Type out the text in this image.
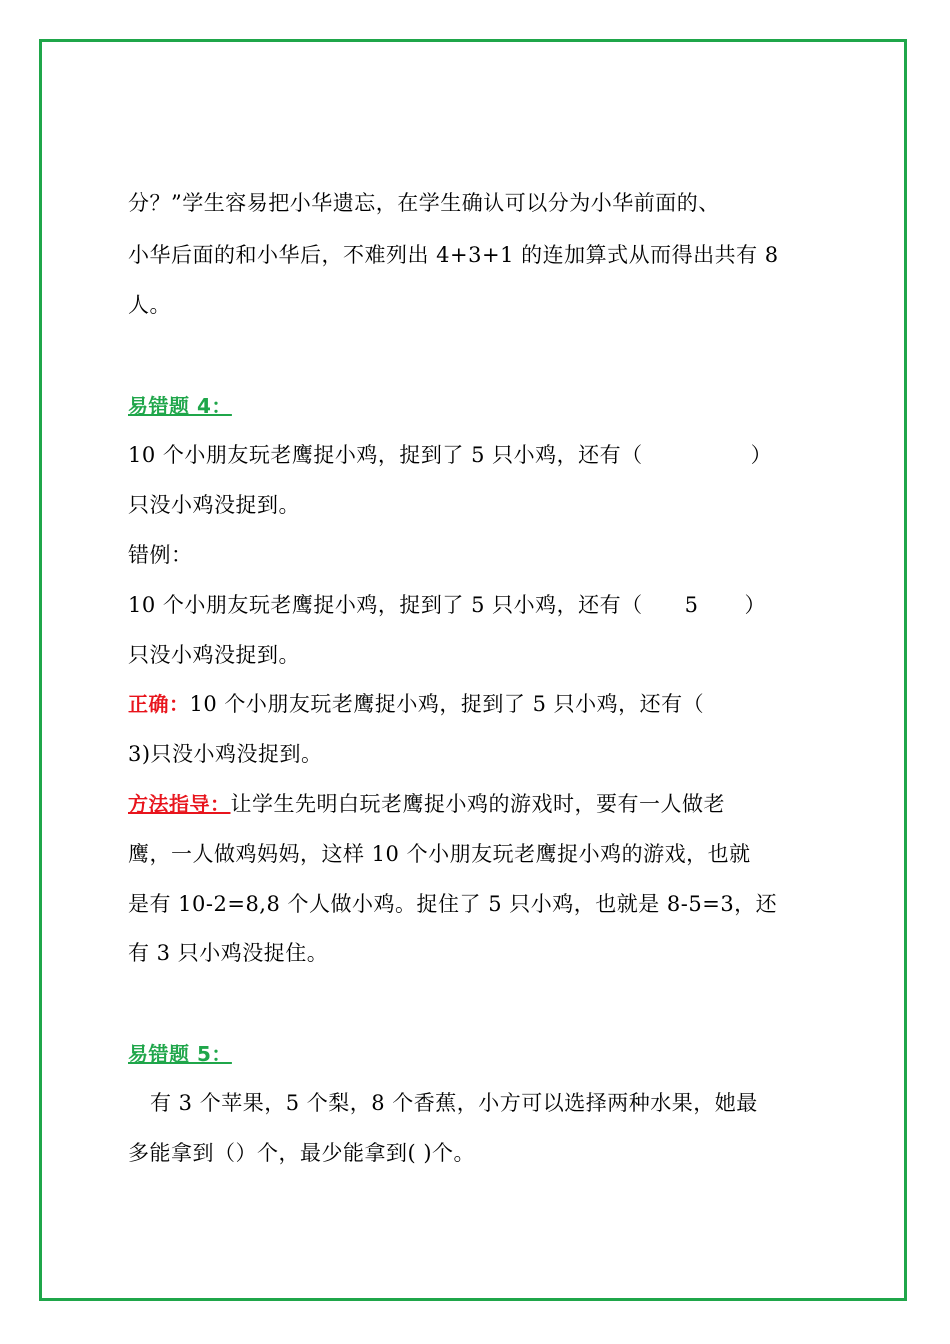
分？”学生容易把小华遗忘，在学生确认可以分为小华前面的、
小华后面的和小华后，不难列出 4+3+1 的连加算式从而得出共有 8
人。
易错题 4：
10 个小朋友玩老鹰捉小鸡，捉到了 5 只小鸡，还有（	）
只没小鸡没捉到。
错例：
10 个小朋友玩老鹰捉小鸡，捉到了 5 只小鸡，还有（ 5 ）
只没小鸡没捉到。
正确：10 个小朋友玩老鹰捉小鸡，捉到了 5 只小鸡，还有（
3)只没小鸡没捉到。
方法指导：让学生先明白玩老鹰捉小鸡的游戏时，要有一人做老
鹰，一人做鸡妈妈，这样 10 个小朋友玩老鹰捉小鸡的游戏，也就
是有 10-2=8,8 个人做小鸡。捉住了 5 只小鸡，也就是 8-5=3，还
有 3 只小鸡没捉住。
易错题 5：
有 3 个苹果，5 个梨，8 个香蕉，小方可以选择两种水果，她最
多能拿到（）个，最少能拿到( )个。
